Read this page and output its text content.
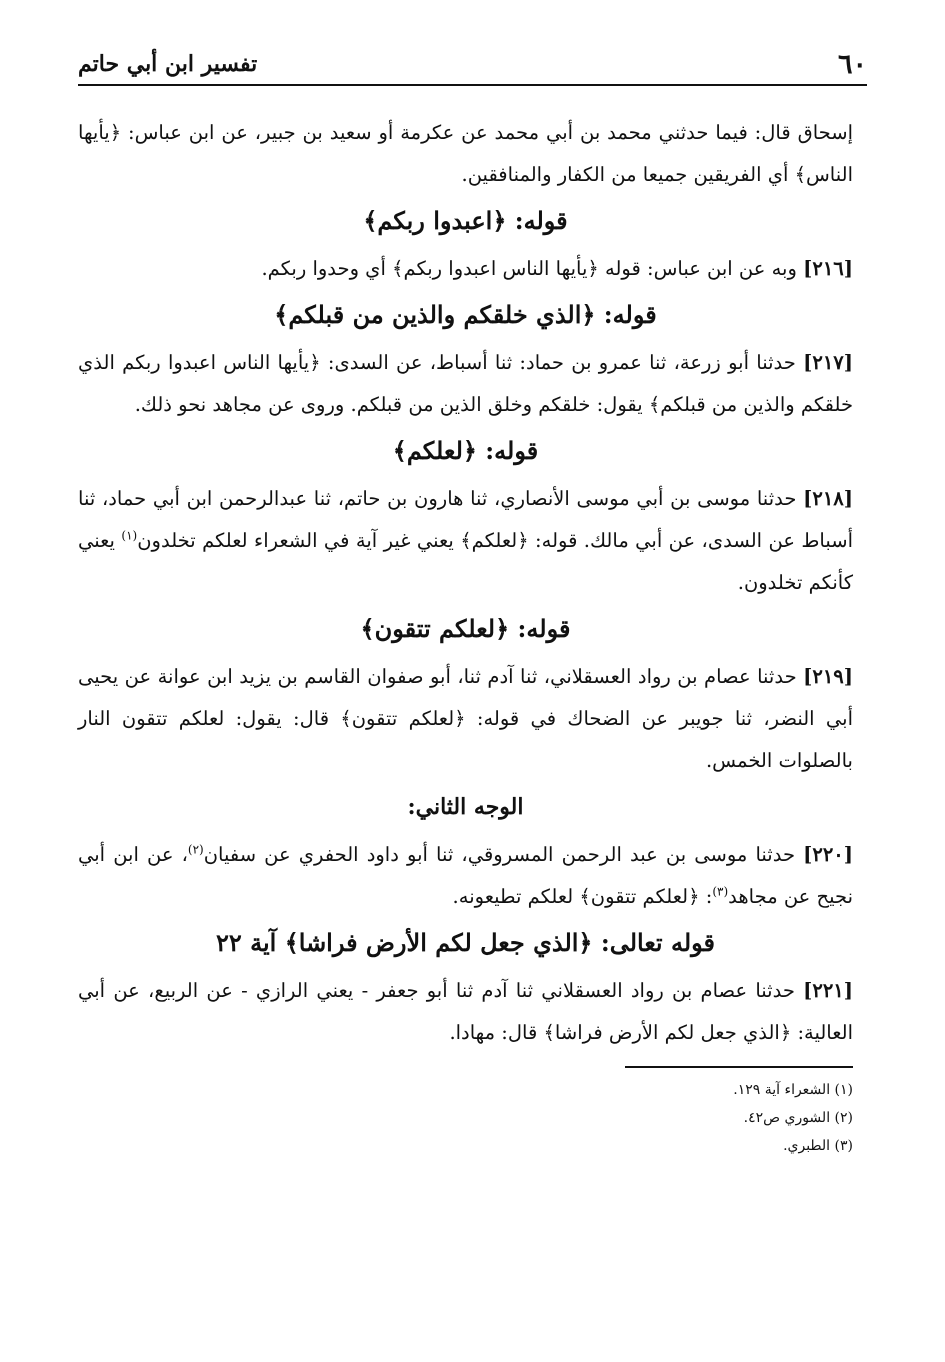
٦٠
تفسير ابن أبي حاتم

إسحاق قال: فيما حدثني محمد بن أبي محمد عن عكرمة أو سعيد بن جبير، عن ابن عباس: ﴿يأيها الناس﴾ أي الفريقين جميعا من الكفار والمنافقين.

قوله: ﴿اعبدوا ربكم﴾

[٢١٦] وبه عن ابن عباس: قوله ﴿يأيها الناس اعبدوا ربكم﴾ أي وحدوا ربكم.

قوله: ﴿الذي خلقكم والذين من قبلكم﴾

[٢١٧] حدثنا أبو زرعة، ثنا عمرو بن حماد: ثنا أسباط، عن السدى: ﴿يأيها الناس اعبدوا ربكم الذي خلقكم والذين من قبلكم﴾ يقول: خلقكم وخلق الذين من قبلكم. وروى عن مجاهد نحو ذلك.

قوله: ﴿لعلكم﴾

[٢١٨] حدثنا موسى بن أبي موسى الأنصاري، ثنا هارون بن حاتم، ثنا عبدالرحمن ابن أبي حماد، ثنا أسباط عن السدى، عن أبي مالك. قوله: ﴿لعلكم﴾ يعني غير آية في الشعراء لعلكم تخلدون$^{(١)}$ يعني كأنكم تخلدون.

قوله: ﴿لعلكم تتقون﴾

[٢١٩] حدثنا عصام بن رواد العسقلاني، ثنا آدم ثنا، أبو صفوان القاسم بن يزيد ابن عوانة عن يحيى أبي النضر، ثنا جويبر عن الضحاك في قوله: ﴿لعلكم تتقون﴾ قال: يقول: لعلكم تتقون النار بالصلوات الخمس.

الوجه الثاني:

[٢٢٠] حدثنا موسى بن عبد الرحمن المسروقي، ثنا أبو داود الحفري عن سفيان$^{(٢)}$، عن ابن أبي نجيح عن مجاهد$^{(٣)}$: ﴿لعلكم تتقون﴾ لعلكم تطيعونه.

قوله تعالى: ﴿الذي جعل لكم الأرض فراشا﴾ آية ٢٢

[٢٢١] حدثنا عصام بن رواد العسقلاني ثنا آدم ثنا أبو جعفر - يعني الرازي - عن الربيع، عن أبي العالية: ﴿الذي جعل لكم الأرض فراشا﴾ قال: مهادا.

(١) الشعراء آية ١٢٩.

(٢) الشوري ص٤٢.

(٣) الطبري.
